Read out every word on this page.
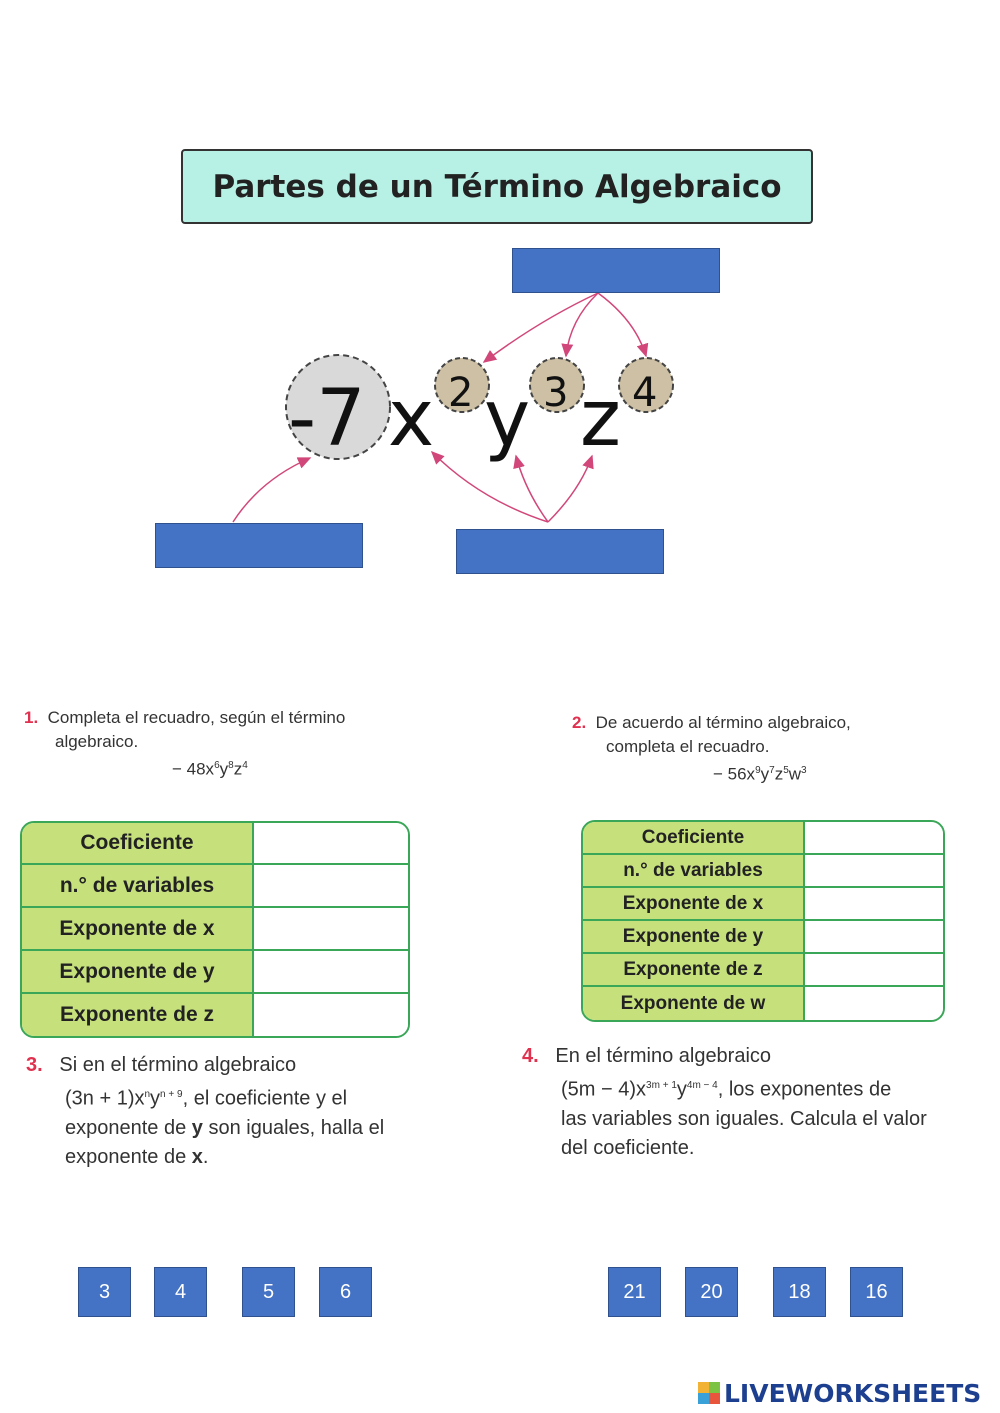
Partes de un Término Algebraico
-7 x y z
2 3 4
1. Completa el recuadro, según el término
algebraico.
− $48x^6y^8z^4$
Coeficiente	
n.° de variables	
Exponente de x	
Exponente de y	
Exponente de z	
2. De acuerdo al término algebraico,
completa el recuadro.
− $56x^9y^7z^5w^3$
Coeficiente	
n.° de variables	
Exponente de x	
Exponente de y	
Exponente de z	
Exponente de w	
3. Si en el término algebraico
$(3n + 1)x^ny^{n + 9}$, el coeficiente y el
exponente de y son iguales, halla el
exponente de x.
4. En el término algebraico
$(5m - 4)x^{3m + 1}y^{4m - 4}$, los exponentes de
las variables son iguales. Calcula el valor
del coeficiente.
3	4	5	6	21	20	18	16
LIVEWORKSHEETS
